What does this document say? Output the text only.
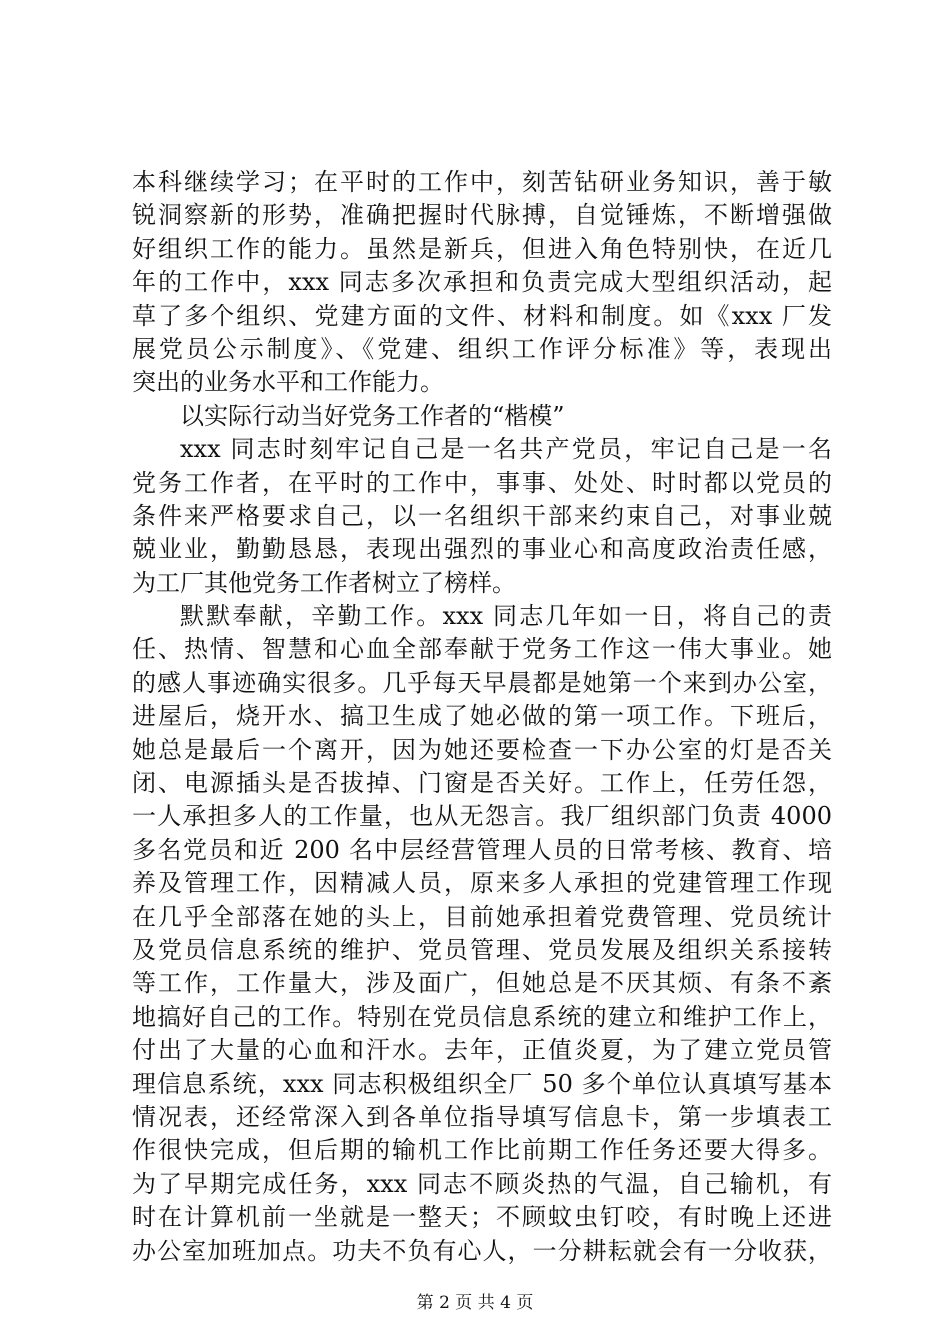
本科继续学习；在平时的工作中，刻苦钻研业务知识，善于敏
锐洞察新的形势，准确把握时代脉搏，自觉锤炼，不断增强做
好组织工作的能力。虽然是新兵，但进入角色特别快，在近几
年的工作中，xxx 同志多次承担和负责完成大型组织活动，起
草了多个组织、党建方面的文件、材料和制度。如《xxx 厂发
展党员公示制度》、《党建、组织工作评分标准》等，表现出
突出的业务水平和工作能力。
以实际行动当好党务工作者的“楷模”
xxx 同志时刻牢记自己是一名共产党员，牢记自己是一名
党务工作者，在平时的工作中，事事、处处、时时都以党员的
条件来严格要求自己，以一名组织干部来约束自己，对事业兢
兢业业，勤勤恳恳，表现出强烈的事业心和高度政治责任感，
为工厂其他党务工作者树立了榜样。
默默奉献，辛勤工作。xxx 同志几年如一日，将自己的责
任、热情、智慧和心血全部奉献于党务工作这一伟大事业。她
的感人事迹确实很多。几乎每天早晨都是她第一个来到办公室，
进屋后，烧开水、搞卫生成了她必做的第一项工作。下班后，
她总是最后一个离开，因为她还要检查一下办公室的灯是否关
闭、电源插头是否拔掉、门窗是否关好。工作上，任劳任怨，
一人承担多人的工作量，也从无怨言。我厂组织部门负责 4000
多名党员和近 200 名中层经营管理人员的日常考核、教育、培
养及管理工作，因精减人员，原来多人承担的党建管理工作现
在几乎全部落在她的头上，目前她承担着党费管理、党员统计
及党员信息系统的维护、党员管理、党员发展及组织关系接转
等工作，工作量大，涉及面广，但她总是不厌其烦、有条不紊
地搞好自己的工作。特别在党员信息系统的建立和维护工作上，
付出了大量的心血和汗水。去年，正值炎夏，为了建立党员管
理信息系统，xxx 同志积极组织全厂 50 多个单位认真填写基本
情况表，还经常深入到各单位指导填写信息卡，第一步填表工
作很快完成，但后期的输机工作比前期工作任务还要大得多。
为了早期完成任务，xxx 同志不顾炎热的气温，自己输机，有
时在计算机前一坐就是一整天；不顾蚊虫钉咬，有时晚上还进
办公室加班加点。功夫不负有心人，一分耕耘就会有一分收获，
第 2 页 共 4 页
